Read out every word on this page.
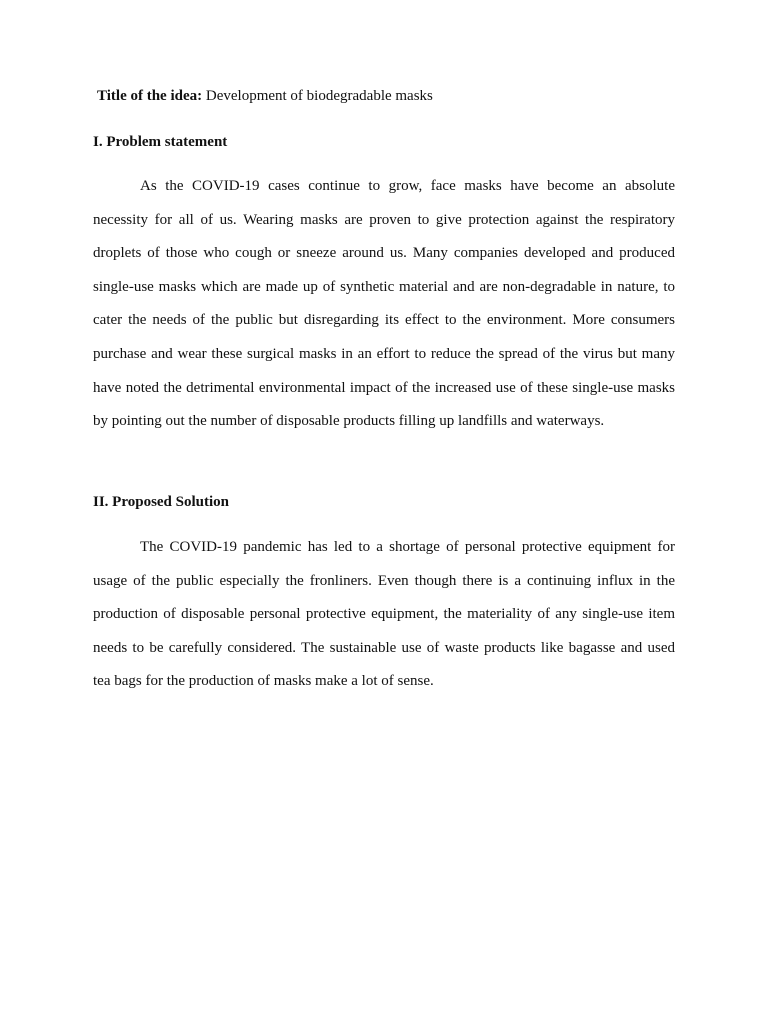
Title of the idea: Development of biodegradable masks
I. Problem statement

As the COVID-19 cases continue to grow, face masks have become an absolute necessity for all of us. Wearing masks are proven to give protection against the respiratory droplets of those who cough or sneeze around us. Many companies developed and produced single-use masks which are made up of synthetic material and are non-degradable in nature, to cater the needs of the public but disregarding its effect to the environment. More consumers purchase and wear these surgical masks in an effort to reduce the spread of the virus but many have noted the detrimental environmental impact of the increased use of these single-use masks by pointing out the number of disposable products filling up landfills and waterways.

II. Proposed Solution

The COVID-19 pandemic has led to a shortage of personal protective equipment for usage of the public especially the fronliners. Even though there is a continuing influx in the production of disposable personal protective equipment, the materiality of any single-use item needs to be carefully considered. The sustainable use of waste products like bagasse and used tea bags for the production of masks make a lot of sense.
